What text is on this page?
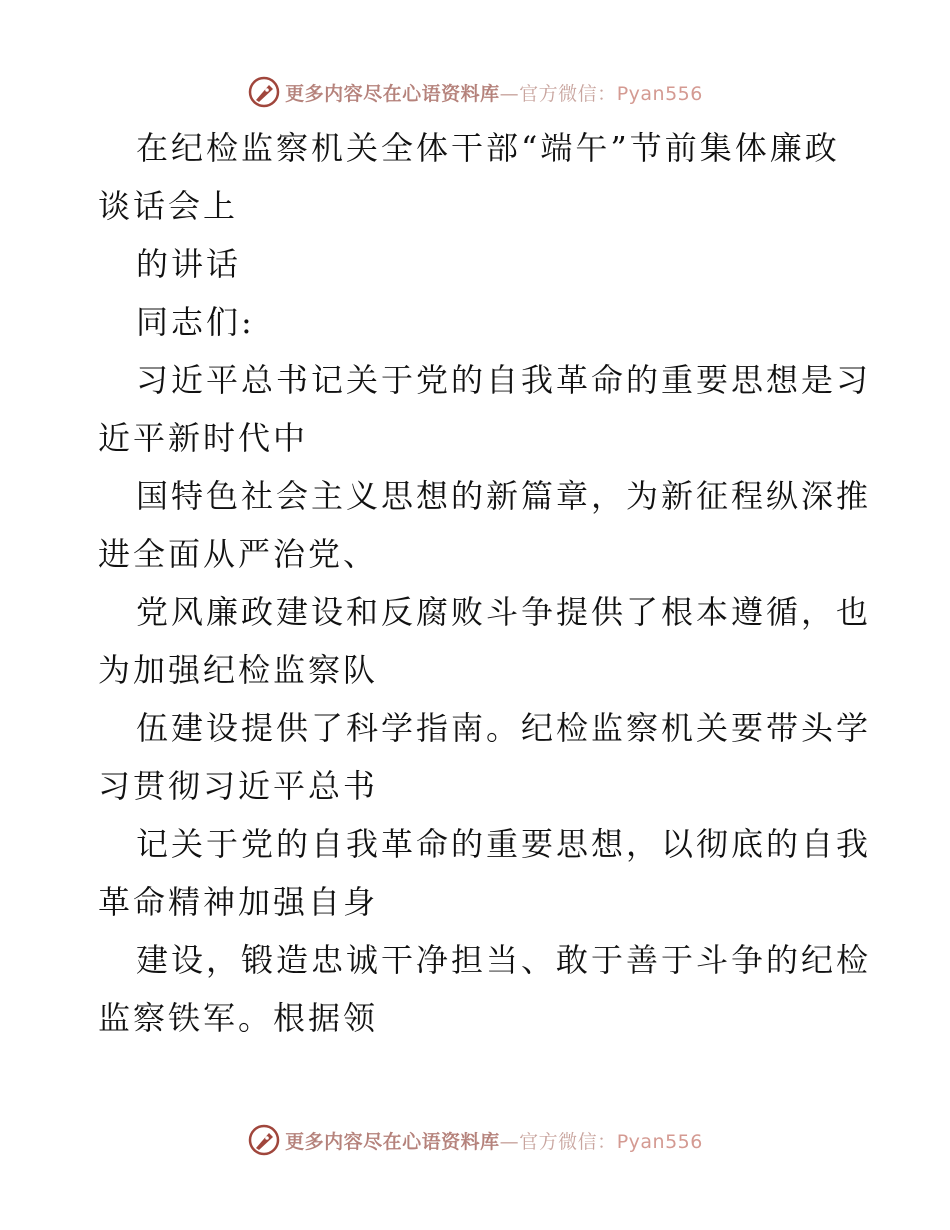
更多内容尽在心语资料库—官方微信：Pyan556
在纪检监察机关全体干部“端午”节前集体廉政
谈话会上
的讲话
同志们:
习近平总书记关于党的自我革命的重要思想是习
近平新时代中
国特色社会主义思想的新篇章，为新征程纵深推
进全面从严治党、
党风廉政建设和反腐败斗争提供了根本遵循，也
为加强纪检监察队
伍建设提供了科学指南。纪检监察机关要带头学
习贯彻习近平总书
记关于党的自我革命的重要思想，以彻底的自我
革命精神加强自身
建设，锻造忠诚干净担当、敢于善于斗争的纪检
监察铁军。根据领
更多内容尽在心语资料库—官方微信：Pyan556
